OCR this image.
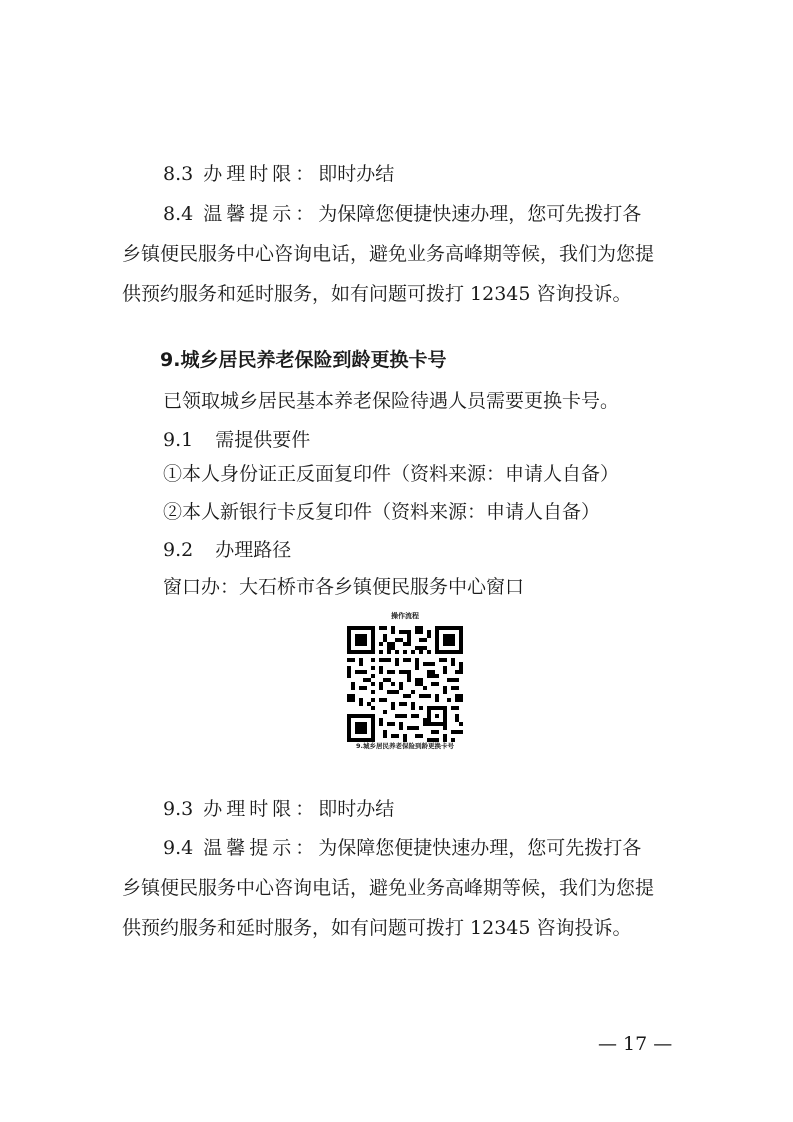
8.3 办理时限：即时办结
8.4 温馨提示：为保障您便捷快速办理，您可先拨打各
乡镇便民服务中心咨询电话，避免业务高峰期等候，我们为您提
供预约服务和延时服务，如有问题可拨打 12345 咨询投诉。
9.城乡居民养老保险到龄更换卡号
已领取城乡居民基本养老保险待遇人员需要更换卡号。
9.1 需提供要件
①本人身份证正反面复印件（资料来源：申请人自备）
②本人新银行卡反复印件（资料来源：申请人自备）
9.2 办理路径
窗口办：大石桥市各乡镇便民服务中心窗口
操作流程
9.城乡居民养老保险到龄更换卡号
9.3 办理时限：即时办结
9.4 温馨提示：为保障您便捷快速办理，您可先拨打各
乡镇便民服务中心咨询电话，避免业务高峰期等候，我们为您提
供预约服务和延时服务，如有问题可拨打 12345 咨询投诉。
— 17 —
